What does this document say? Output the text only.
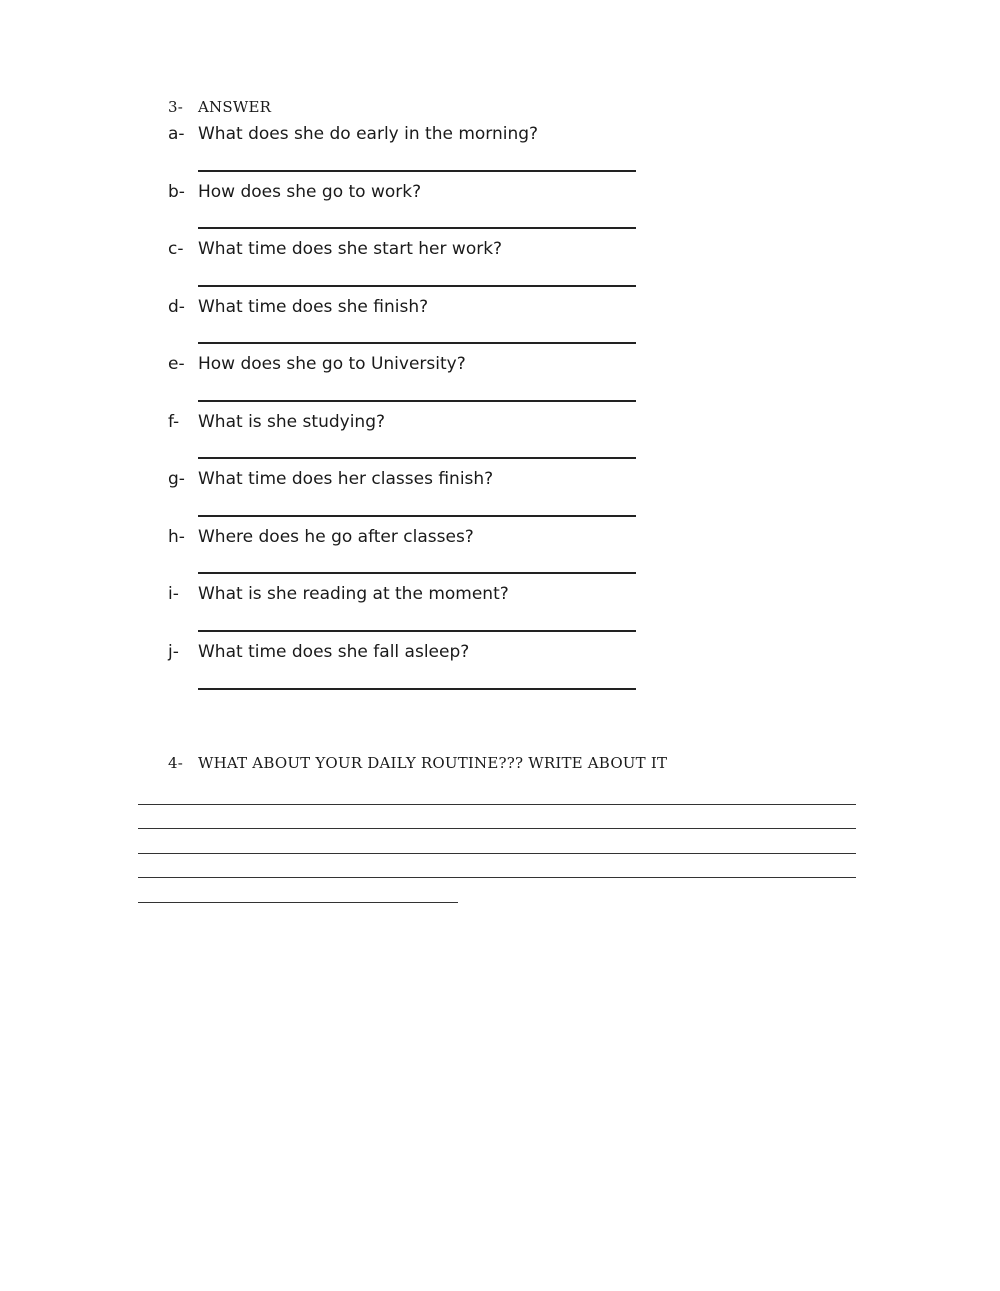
3- ANSWER
a- What does she do early in the morning?
b- How does she go to work?
c- What time does she start her work?
d- What time does she finish?
e- How does she go to University?
f- What is she studying?
g- What time does her classes finish?
h- Where does he go after classes?
i- What is she reading at the moment?
j- What time does she fall asleep?
4- WHAT ABOUT YOUR DAILY ROUTINE??? WRITE ABOUT IT
